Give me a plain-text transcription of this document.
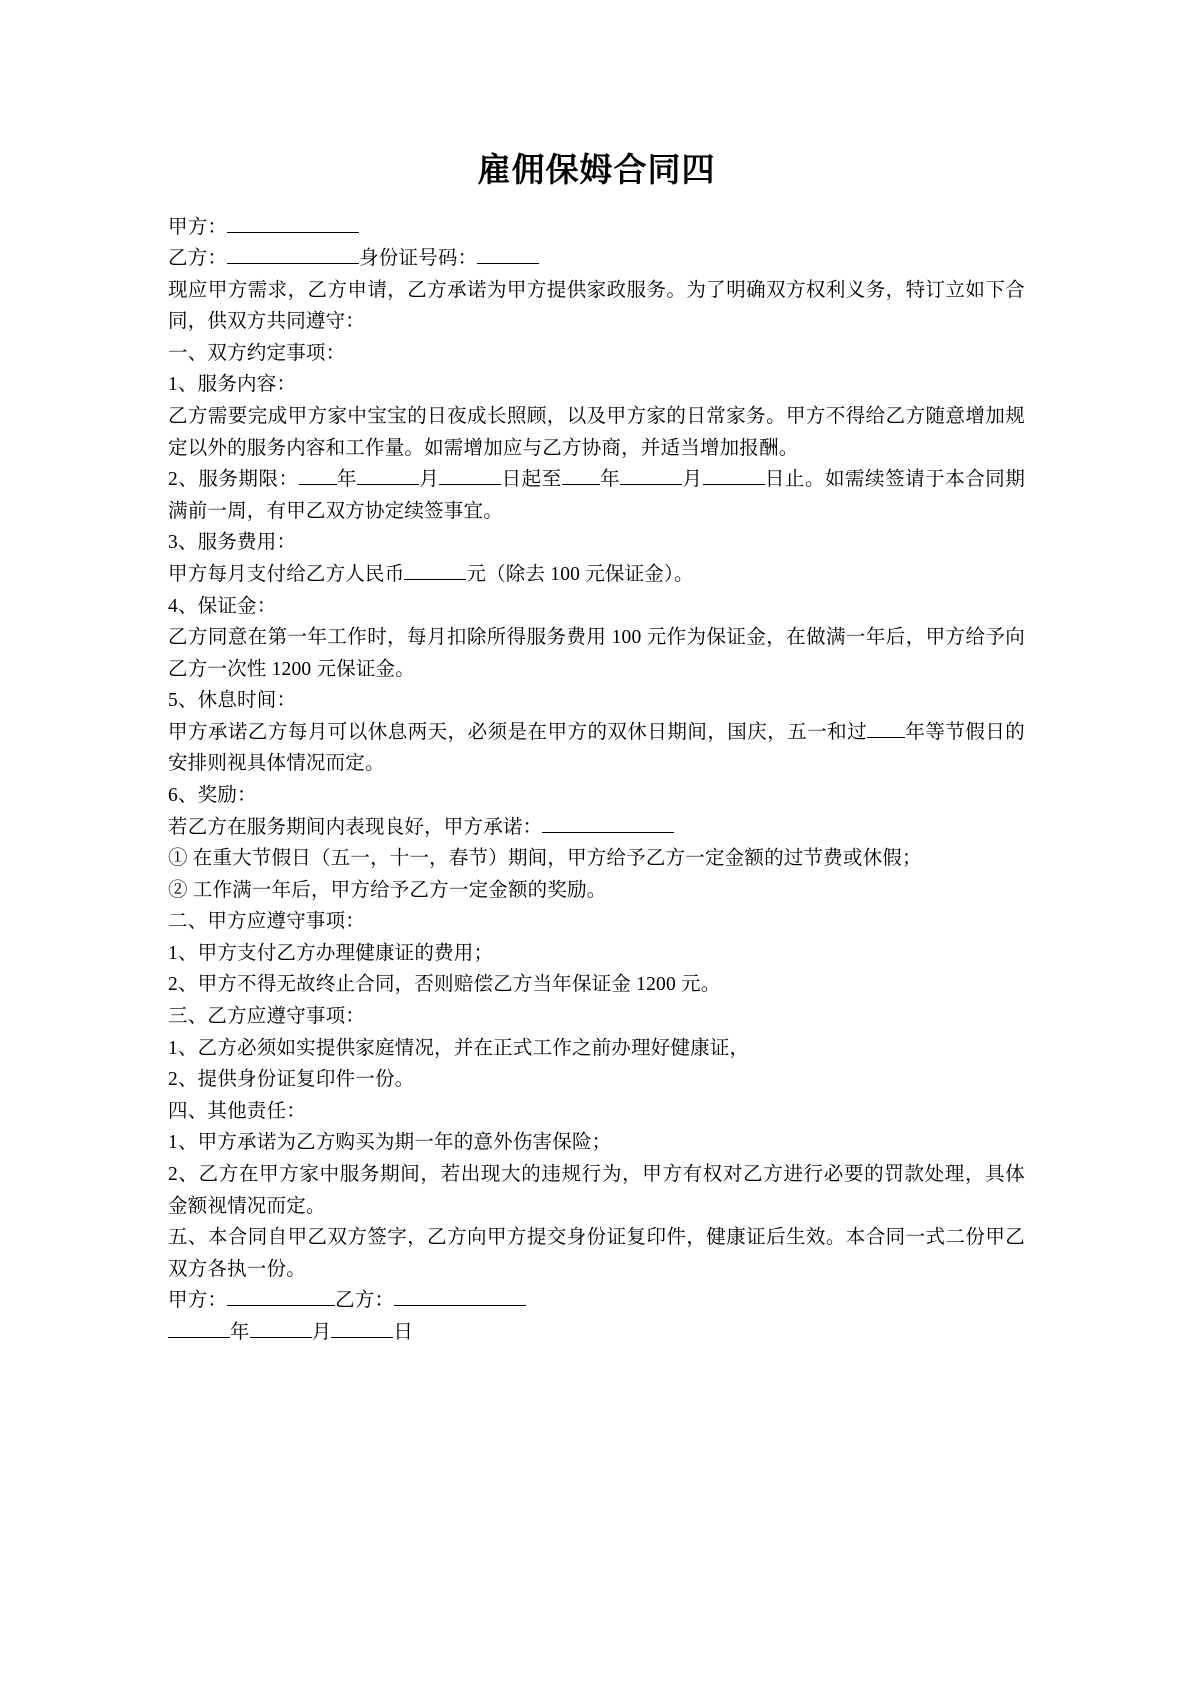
雇佣保姆合同四

甲方：

乙方：	身份证号码：

现应甲方需求，乙方申请，乙方承诺为甲方提供家政服务。为了明确双方权利义务，特订立如下合同，供双方共同遵守：

一、双方约定事项：

1、服务内容：

乙方需要完成甲方家中宝宝的日夜成长照顾，以及甲方家的日常家务。甲方不得给乙方随意增加规定以外的服务内容和工作量。如需增加应与乙方协商，并适当增加报酬。

2、服务期限： 年	月	日起至 年	月	日止。如需续签请于本合同期满前一周，有甲乙双方协定续签事宜。

3、服务费用：

甲方每月支付给乙方人民币	元（除去 100 元保证金）。

4、保证金：

乙方同意在第一年工作时，每月扣除所得服务费用 100 元作为保证金，在做满一年后，甲方给予向乙方一次性 1200 元保证金。

5、休息时间：

甲方承诺乙方每月可以休息两天，必须是在甲方的双休日期间，国庆，五一和过 年等节假日的安排则视具体情况而定。

6、奖励：

若乙方在服务期间内表现良好，甲方承诺：

① 在重大节假日（五一，十一，春节）期间，甲方给予乙方一定金额的过节费或休假；

② 工作满一年后，甲方给予乙方一定金额的奖励。

二、甲方应遵守事项：

1、甲方支付乙方办理健康证的费用；

2、甲方不得无故终止合同，否则赔偿乙方当年保证金 1200 元。

三、乙方应遵守事项：

1、乙方必须如实提供家庭情况，并在正式工作之前办理好健康证，

2、提供身份证复印件一份。

四、其他责任：

1、甲方承诺为乙方购买为期一年的意外伤害保险；

2、乙方在甲方家中服务期间，若出现大的违规行为，甲方有权对乙方进行必要的罚款处理，具体金额视情况而定。

五、本合同自甲乙双方签字，乙方向甲方提交身份证复印件，健康证后生效。本合同一式二份甲乙双方各执一份。

甲方：	乙方：

年	月	日
